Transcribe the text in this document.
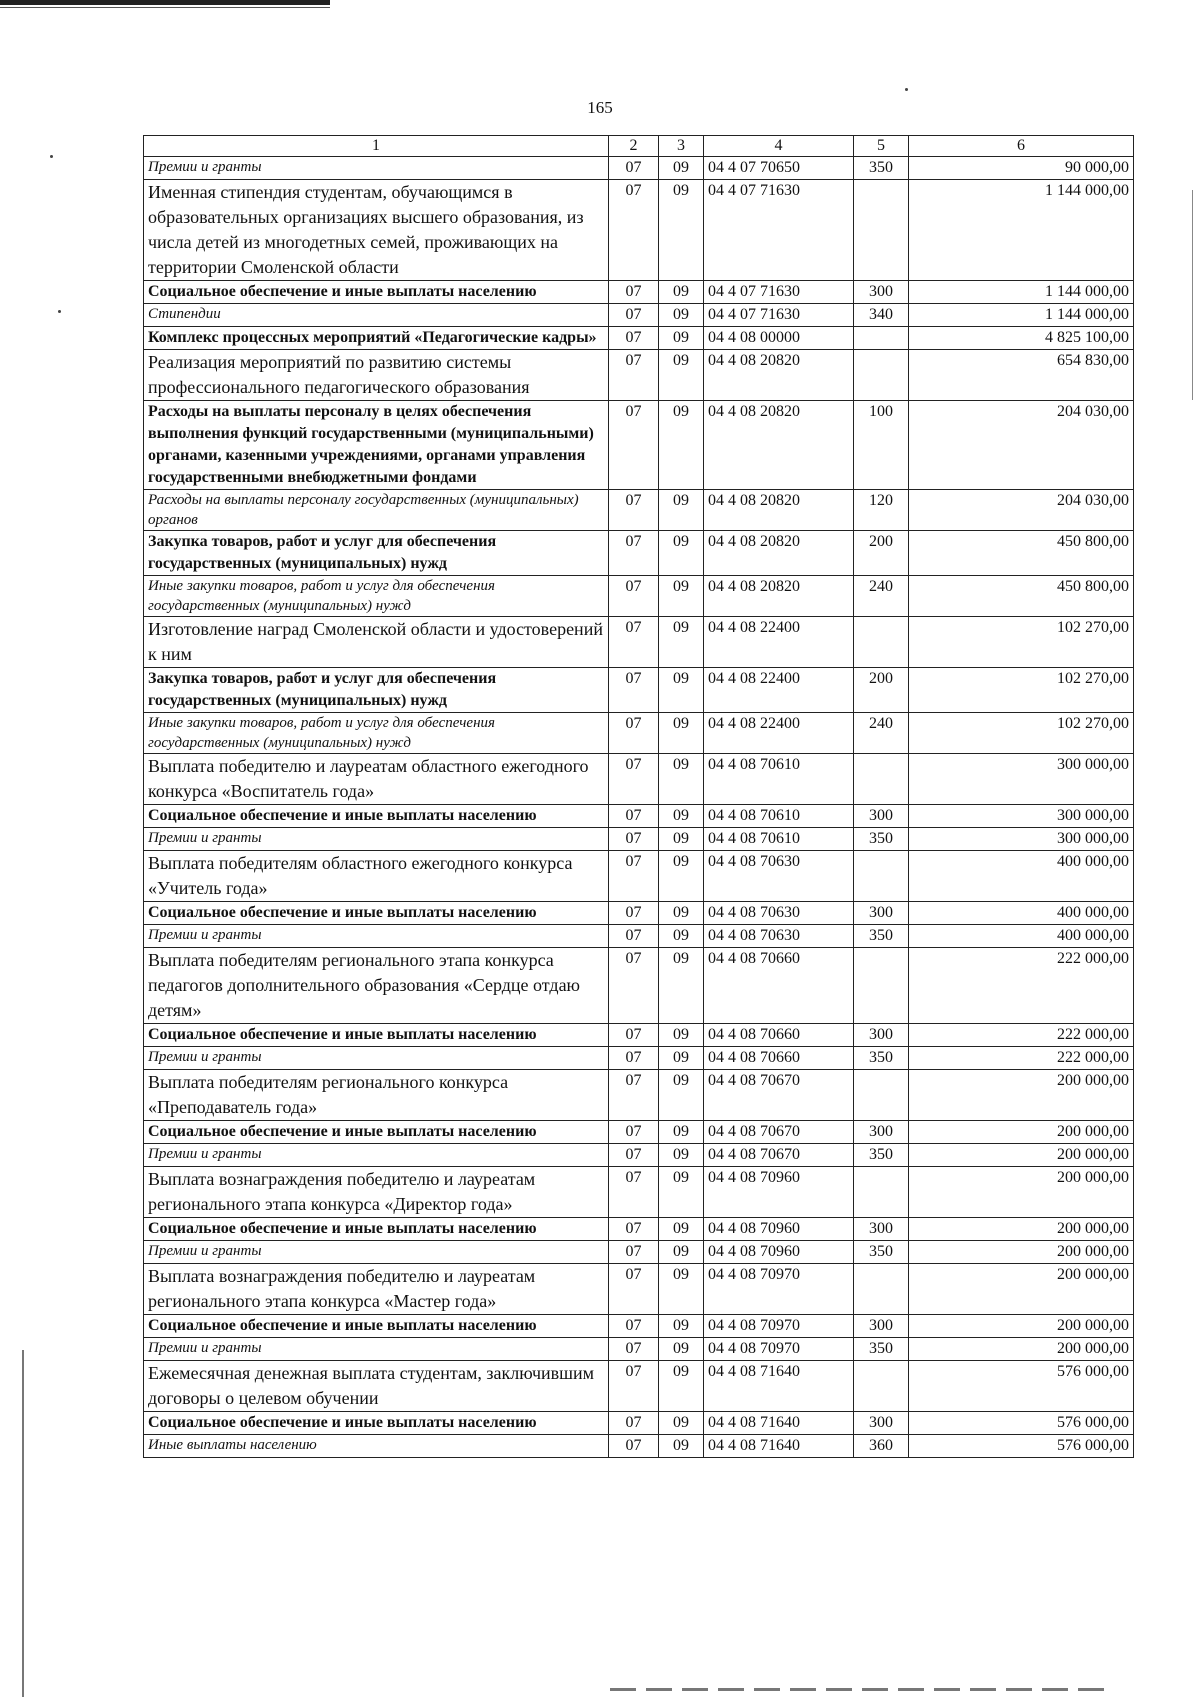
165
1	2	3	4	5	6
Премии и гранты	07	09	04 4 07 70650	350	90 000,00
Именная стипендия студентам, обучающимся в образовательных организациях высшего образования, из числа детей из многодетных семей, проживающих на территории Смоленской области	07	09	04 4 07 71630		1 144 000,00
Социальное обеспечение и иные выплаты населению	07	09	04 4 07 71630	300	1 144 000,00
Стипендии	07	09	04 4 07 71630	340	1 144 000,00
Комплекс процессных мероприятий «Педагогические кадры»	07	09	04 4 08 00000		4 825 100,00
Реализация мероприятий по развитию системы профессионального педагогического образования	07	09	04 4 08 20820		654 830,00
Расходы на выплаты персоналу в целях обеспечения выполнения функций государственными (муниципальными) органами, казенными учреждениями, органами управления государственными внебюджетными фондами	07	09	04 4 08 20820	100	204 030,00
Расходы на выплаты персоналу государственных (муниципальных) органов	07	09	04 4 08 20820	120	204 030,00
Закупка товаров, работ и услуг для обеспечения государственных (муниципальных) нужд	07	09	04 4 08 20820	200	450 800,00
Иные закупки товаров, работ и услуг для обеспечения государственных (муниципальных) нужд	07	09	04 4 08 20820	240	450 800,00
Изготовление наград Смоленской области и удостоверений к ним	07	09	04 4 08 22400		102 270,00
Закупка товаров, работ и услуг для обеспечения государственных (муниципальных) нужд	07	09	04 4 08 22400	200	102 270,00
Иные закупки товаров, работ и услуг для обеспечения государственных (муниципальных) нужд	07	09	04 4 08 22400	240	102 270,00
Выплата победителю и лауреатам областного ежегодного конкурса «Воспитатель года»	07	09	04 4 08 70610		300 000,00
Социальное обеспечение и иные выплаты населению	07	09	04 4 08 70610	300	300 000,00
Премии и гранты	07	09	04 4 08 70610	350	300 000,00
Выплата победителям областного ежегодного конкурса «Учитель года»	07	09	04 4 08 70630		400 000,00
Социальное обеспечение и иные выплаты населению	07	09	04 4 08 70630	300	400 000,00
Премии и гранты	07	09	04 4 08 70630	350	400 000,00
Выплата победителям регионального этапа конкурса педагогов дополнительного образования «Сердце отдаю детям»	07	09	04 4 08 70660		222 000,00
Социальное обеспечение и иные выплаты населению	07	09	04 4 08 70660	300	222 000,00
Премии и гранты	07	09	04 4 08 70660	350	222 000,00
Выплата победителям регионального конкурса «Преподаватель года»	07	09	04 4 08 70670		200 000,00
Социальное обеспечение и иные выплаты населению	07	09	04 4 08 70670	300	200 000,00
Премии и гранты	07	09	04 4 08 70670	350	200 000,00
Выплата вознаграждения победителю и лауреатам регионального этапа конкурса «Директор года»	07	09	04 4 08 70960		200 000,00
Социальное обеспечение и иные выплаты населению	07	09	04 4 08 70960	300	200 000,00
Премии и гранты	07	09	04 4 08 70960	350	200 000,00
Выплата вознаграждения победителю и лауреатам регионального этапа конкурса «Мастер года»	07	09	04 4 08 70970		200 000,00
Социальное обеспечение и иные выплаты населению	07	09	04 4 08 70970	300	200 000,00
Премии и гранты	07	09	04 4 08 70970	350	200 000,00
Ежемесячная денежная выплата студентам, заключившим договоры о целевом обучении	07	09	04 4 08 71640		576 000,00
Социальное обеспечение и иные выплаты населению	07	09	04 4 08 71640	300	576 000,00
Иные выплаты населению	07	09	04 4 08 71640	360	576 000,00
